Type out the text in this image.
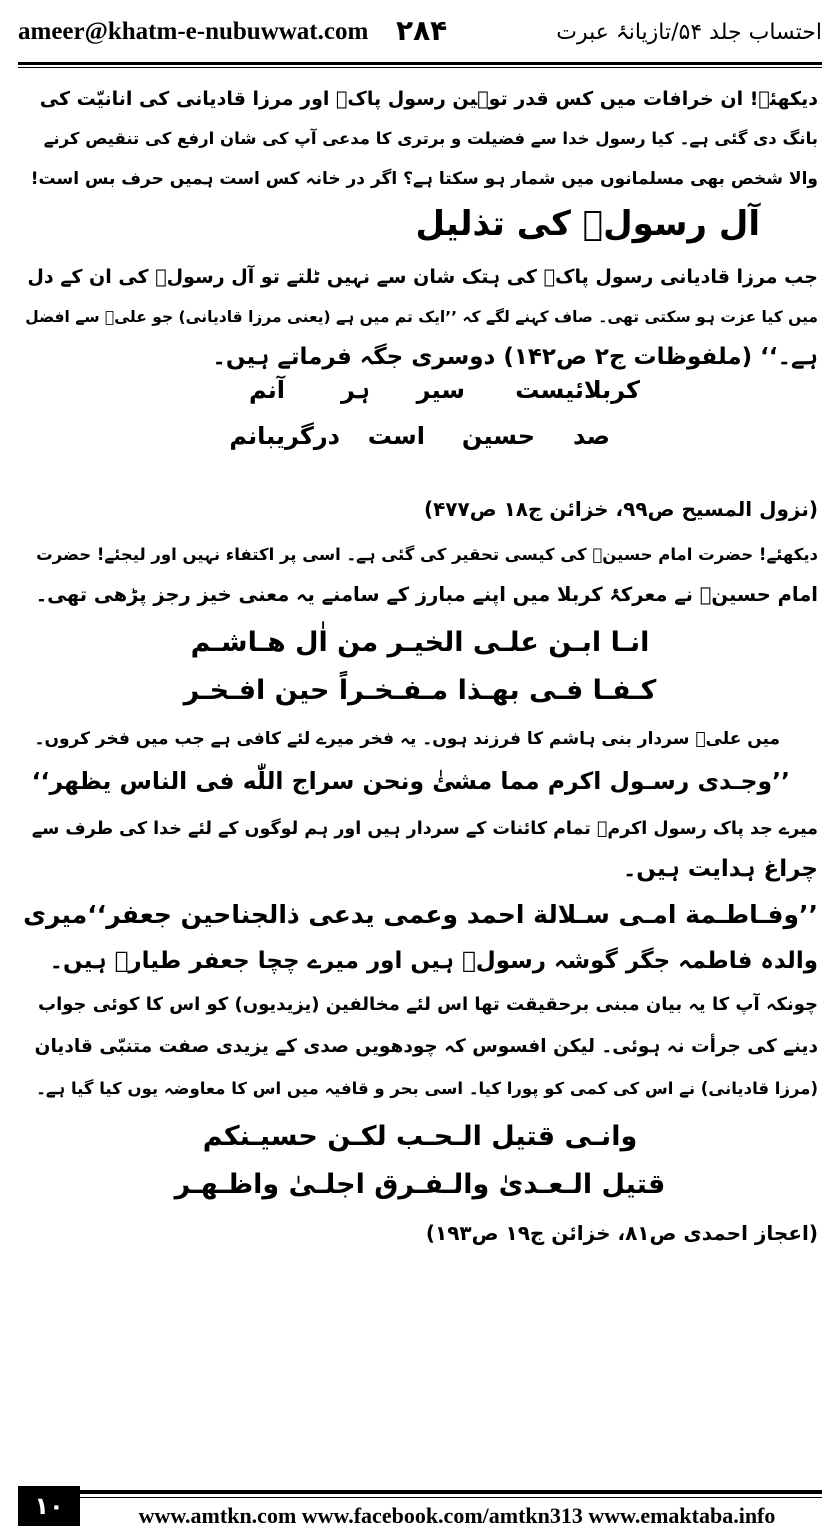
ameer@khatm-e-nubuwwat.com ۲۸۴	احتساب جلد ۵۴/تازیانۂ عبرت
دیکھئے! ان خرافات میں کس قدر توہین رسول پاکؐ اور مرزا قادیانی کی انانیّت کی
بانگ دی گئی ہے۔ کیا رسول خدا سے فضیلت و برتری کا مدعی آپ کی شان ارفع کی تنقیص کرنے
والا شخص بھی مسلمانوں میں شمار ہو سکتا ہے؟ اگر در خانہ کس است ہمیں حرف بس است!
آل رسولؐ کی تذلیل
جب مرزا قادیانی رسول پاکؐ کی ہتک شان سے نہیں ٹلتے تو آل رسولؐ کی ان کے دل
میں کیا عزت ہو سکتی تھی۔ صاف کہنے لگے کہ ’’ایک تم میں ہے (یعنی مرزا قادیانی) جو علیؓ سے افضل
ہے۔‘‘ (ملفوظات ج۲ ص۱۴۲) دوسری جگہ فرماتے ہیں۔
کربلائیست
سیر
ہر
آنم
صد
حسین
است
درگریبانم
(نزول المسیح ص۹۹، خزائن ج۱۸ ص۴۷۷)
دیکھئے! حضرت امام حسینؓ کی کیسی تحقیر کی گئی ہے۔ اسی پر اکتفاء نہیں اور لیجئے! حضرت
امام حسینؓ نے معرکۂ کربلا میں اپنے مبارز کے سامنے یہ معنی خیز رجز پڑھی تھی۔
انـا ابـن علـی الخیـر من اٰل هـاشـم
کـفـا فـی بهـذا مـفـخـراً حین افـخـر
میں علیؓ سردار بنی ہاشم کا فرزند ہوں۔ یہ فخر میرے لئے کافی ہے جب میں فخر کروں۔
’’وجـدی رسـول اکرم مما مشئٰ ونحن سراج اللّٰه فی الناس یظهر‘‘
میرے جد پاک رسول اکرمؐ تمام کائنات کے سردار ہیں اور ہم لوگوں کے لئے خدا کی طرف سے
چراغ ہدایت ہیں۔
’’وفـاطـمة امـی سـلالة احمد وعمی یدعی ذالجناحین جعفر‘‘میری
والدہ فاطمہ جگر گوشہ رسولؐ ہیں اور میرے چچا جعفر طیارؓ ہیں۔
چونکہ آپ کا یہ بیان مبنی برحقیقت تھا اس لئے مخالفین (یزیدیوں) کو اس کا کوئی جواب
دینے کی جرأت نہ ہوئی۔ لیکن افسوس کہ چودھویں صدی کے یزیدی صفت متنبّی قادیان
(مرزا قادیانی) نے اس کی کمی کو پورا کیا۔ اسی بحر و قافیہ میں اس کا معاوضہ یوں کیا گیا ہے۔
وانـی قتیل الـحـب لکـن حسیـنکم
قتیل الـعـدیٰ والـفـرق اجلـیٰ واظـهـر
(اعجاز احمدی ص۸۱، خزائن ج۱۹ ص۱۹۳)
۱۰	www.amtkn.com www.facebook.com/amtkn313 www.emaktaba.info
